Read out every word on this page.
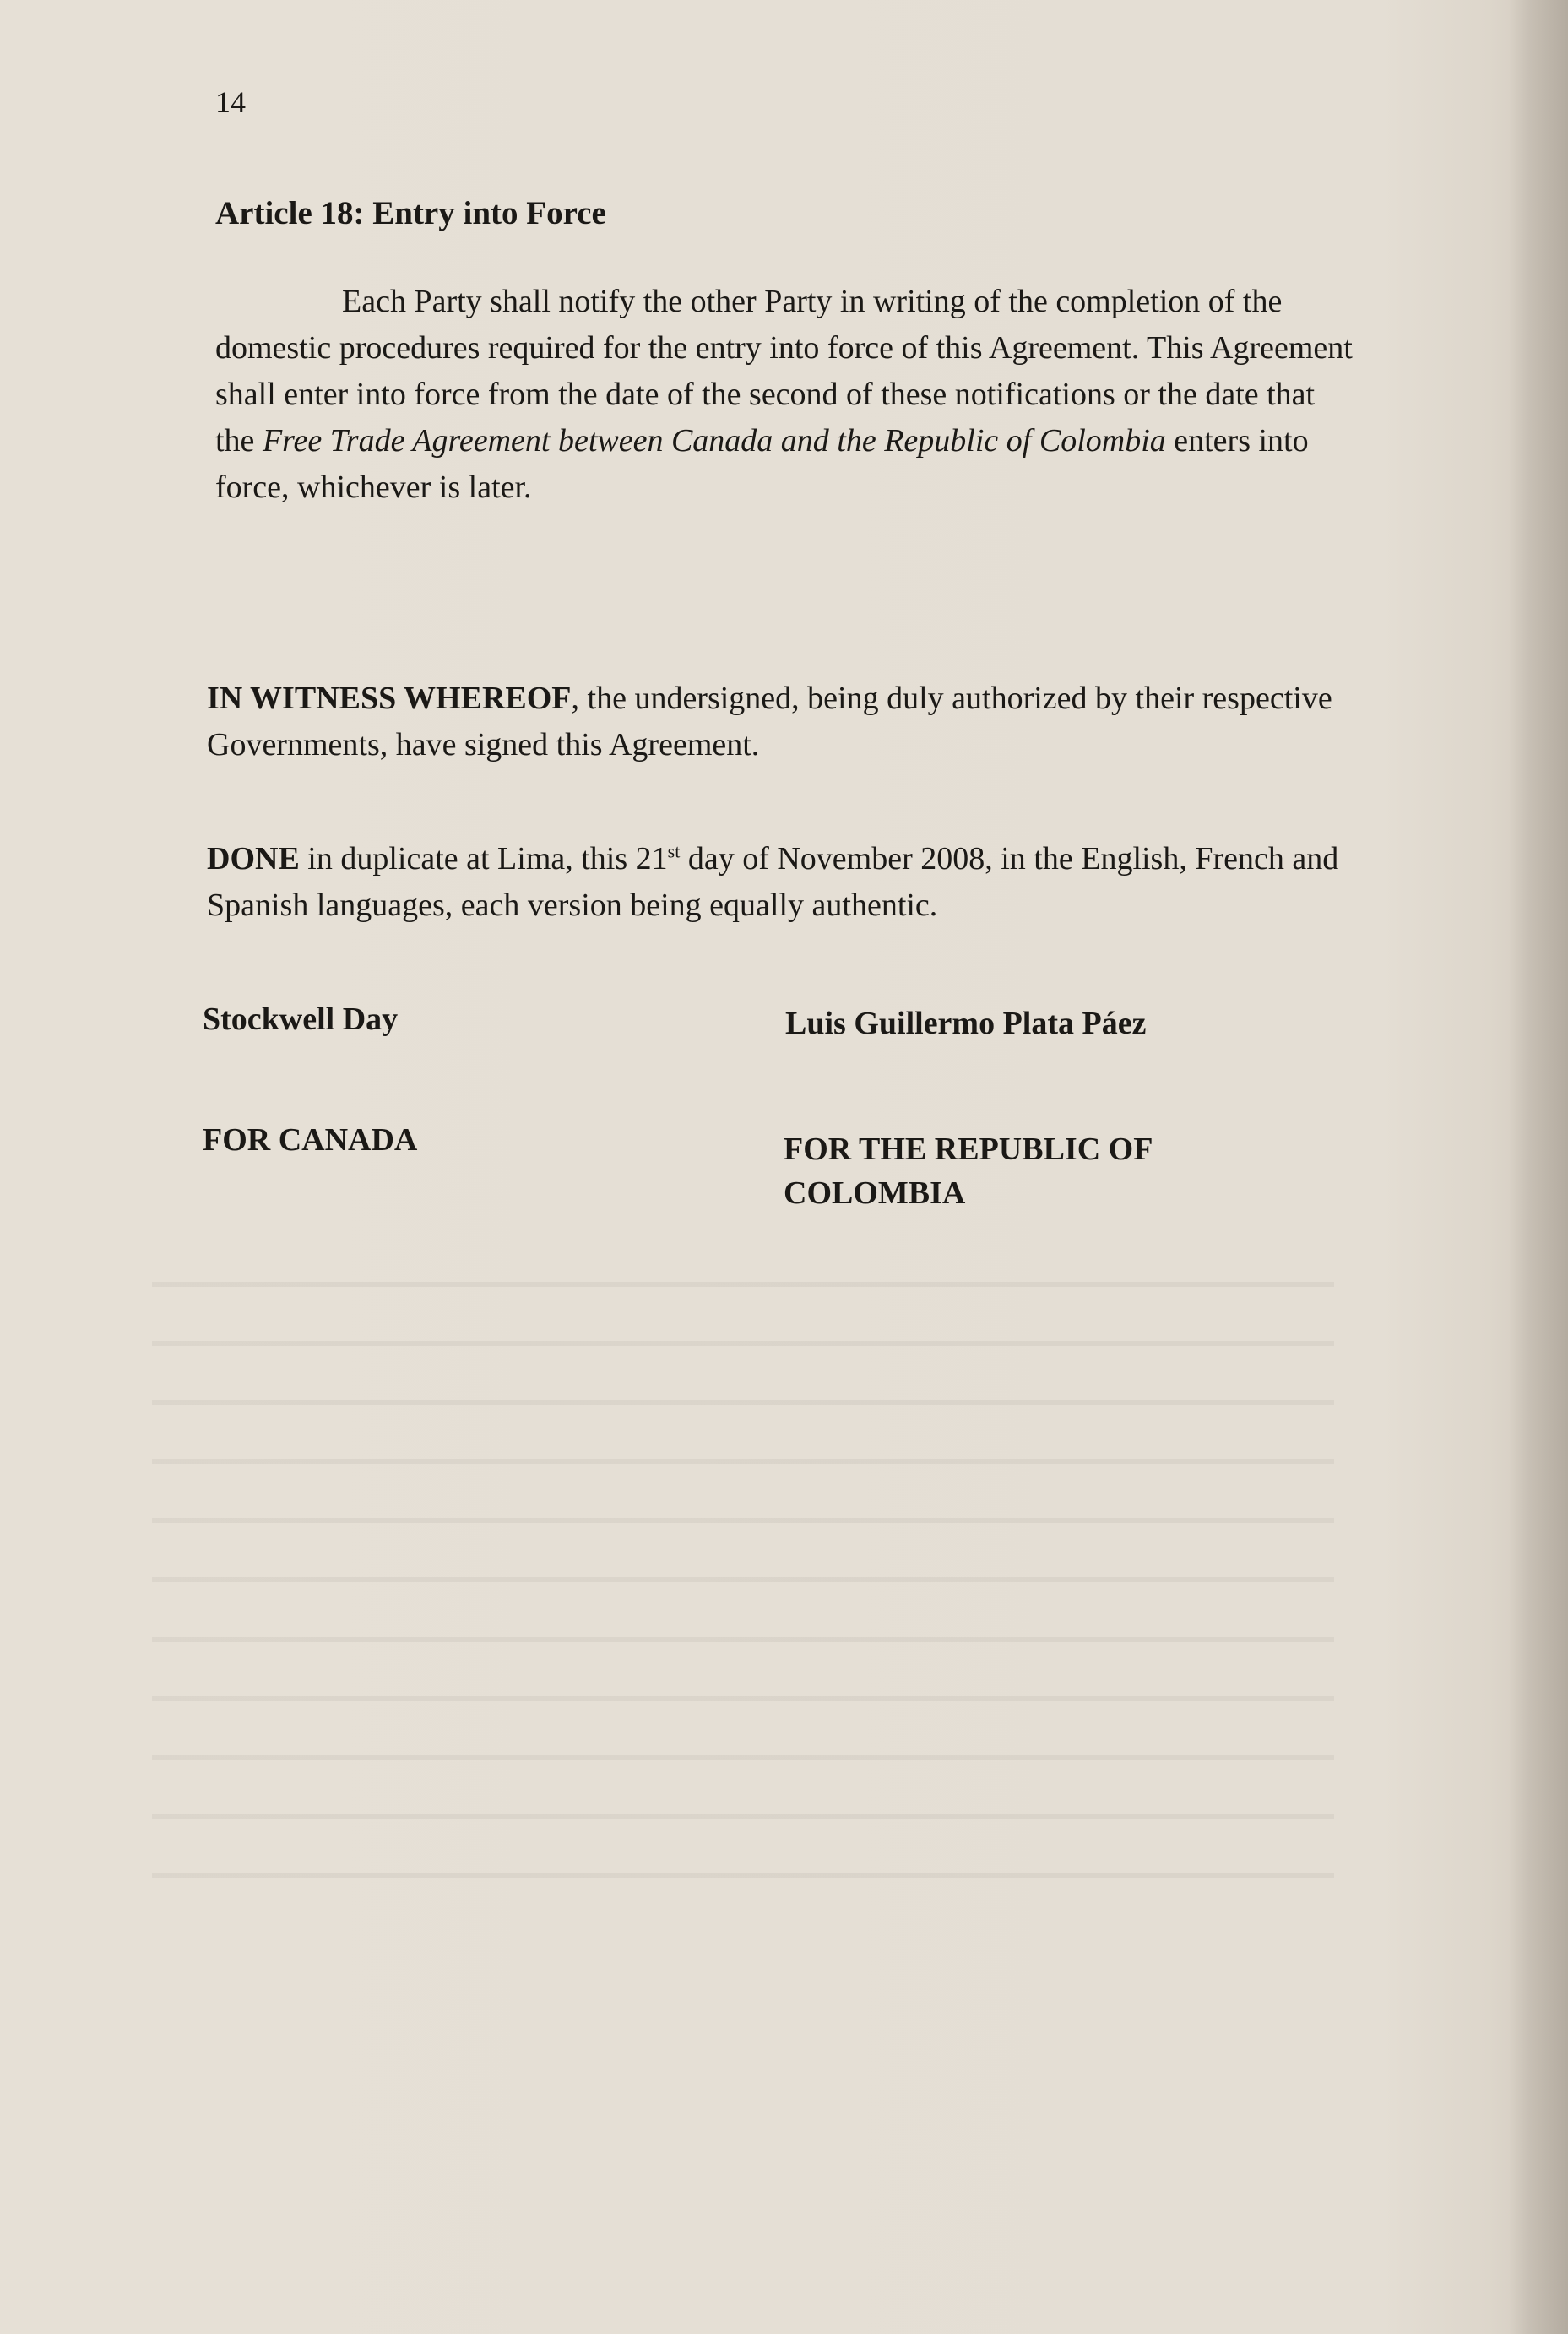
14
Article 18: Entry into Force
Each Party shall notify the other Party in writing of the completion of the domestic procedures required for the entry into force of this Agreement. This Agreement shall enter into force from the date of the second of these notifications or the date that the Free Trade Agreement between Canada and the Republic of Colombia enters into force, whichever is later.
IN WITNESS WHEREOF, the undersigned, being duly authorized by their respective Governments, have signed this Agreement.
DONE in duplicate at Lima, this 21st day of November 2008, in the English, French and Spanish languages, each version being equally authentic.
Stockwell Day	Luis Guillermo Plata Páez
FOR CANADA	FOR THE REPUBLIC OF COLOMBIA
